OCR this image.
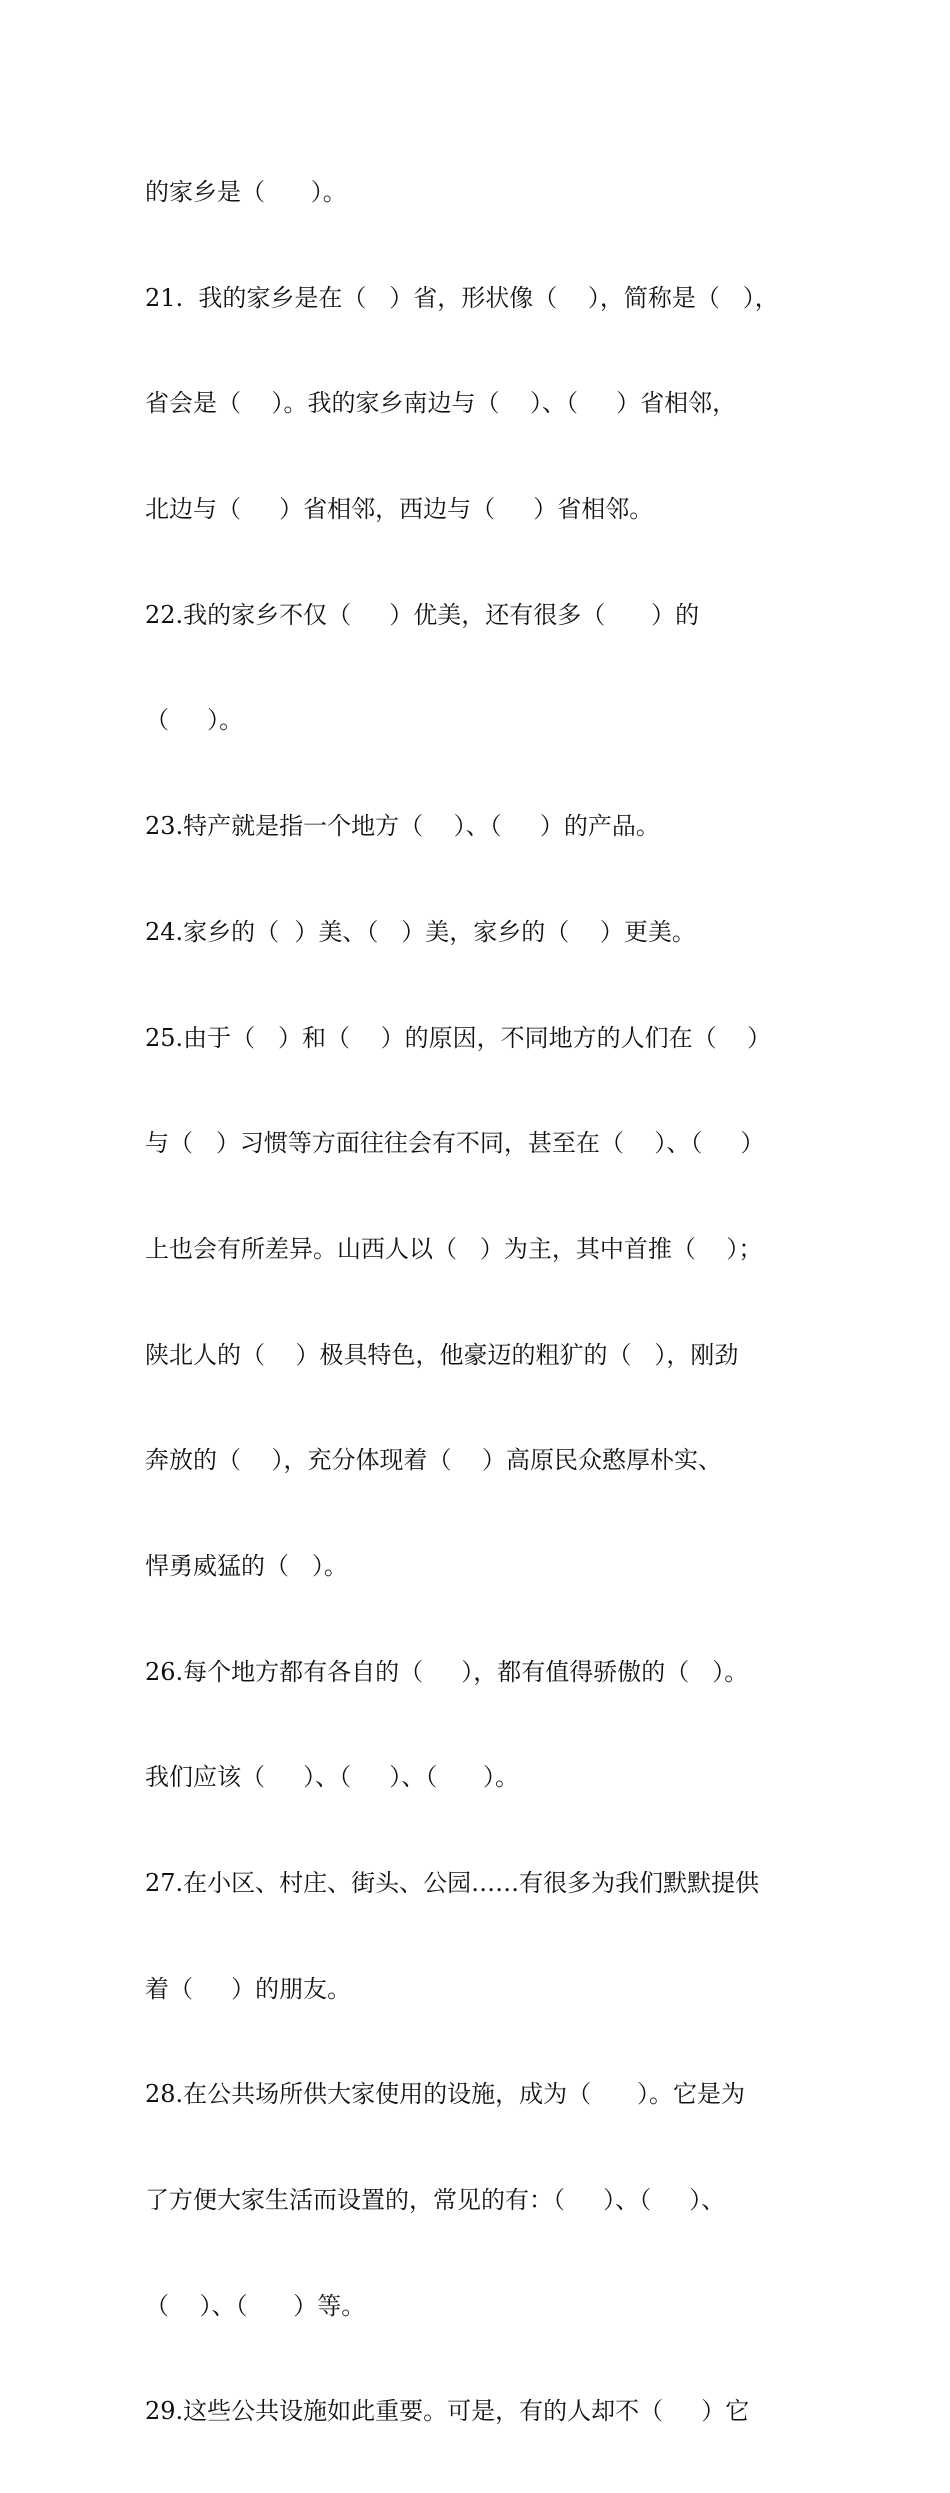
的家乡是（      ）。

21.  我的家乡是在（   ）省，形状像（    ），简称是（   ），

省会是（    ）。我的家乡南边与（    ）、（     ）省相邻，

北边与（     ）省相邻，西边与（     ）省相邻。

22.我的家乡不仅（     ）优美，还有很多（      ）的

（     ）。

23.特产就是指一个地方（    ）、（     ）的产品。

24.家乡的（  ）美、（   ）美，家乡的（    ）更美。

25.由于（   ）和（    ）的原因，不同地方的人们在（    ）

与（   ）习惯等方面往往会有不同，甚至在（    ）、（     ）

上也会有所差异。山西人以（   ）为主，其中首推（    ）；

陕北人的（    ）极具特色，他豪迈的粗犷的（   ），刚劲

奔放的（    ），充分体现着（    ）高原民众憨厚朴实、

悍勇威猛的（   ）。

26.每个地方都有各自的（     ），都有值得骄傲的（   ）。

我们应该（     ）、（     ）、（      ）。

27.在小区、村庄、街头、公园……有很多为我们默默提供

着（     ）的朋友。

28.在公共场所供大家使用的设施，成为（      ）。它是为

了方便大家生活而设置的，常见的有：（     ）、（     ）、

（    ）、（      ）等。

29.这些公共设施如此重要。可是，有的人却不（     ）它
